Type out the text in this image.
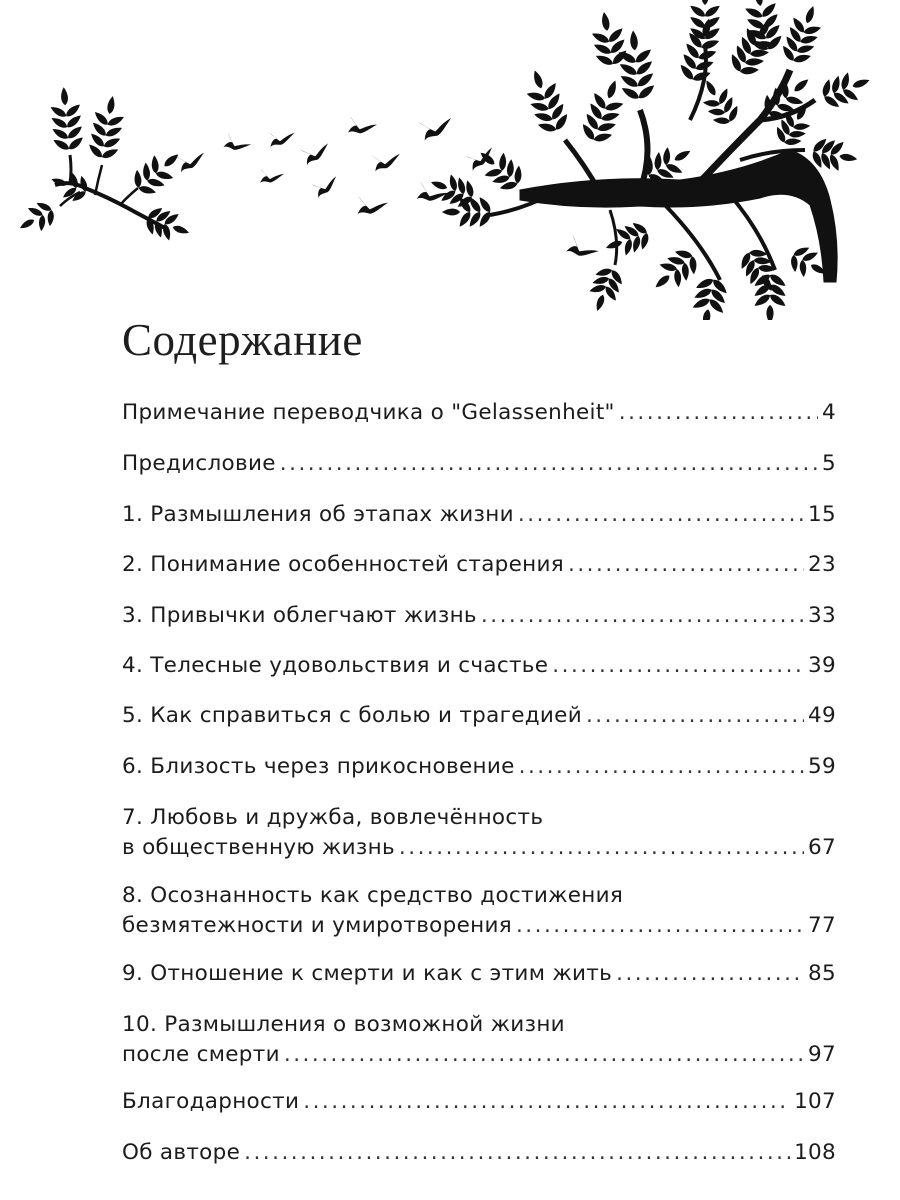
Содержание
Примечание переводчика о "Gelassenheit" .....	4
Предисловие .....	5
1. Размышления об этапах жизни .....	15
2. Понимание особенностей старения .....	23
3. Привычки облегчают жизнь .....	33
4. Телесные удовольствия и счастье .....	39
5. Как справиться с болью и трагедией .....	49
6. Близость через прикосновение .....	59
7. Любовь и дружба, вовлечённость
в общественную жизнь .....	67
8. Осознанность как средство достижения
безмятежности и умиротворения .....	77
9. Отношение к смерти и как с этим жить .....	85
10. Размышления о возможной жизни
после смерти .....	97
Благодарности .....	107
Об авторе .....	108
